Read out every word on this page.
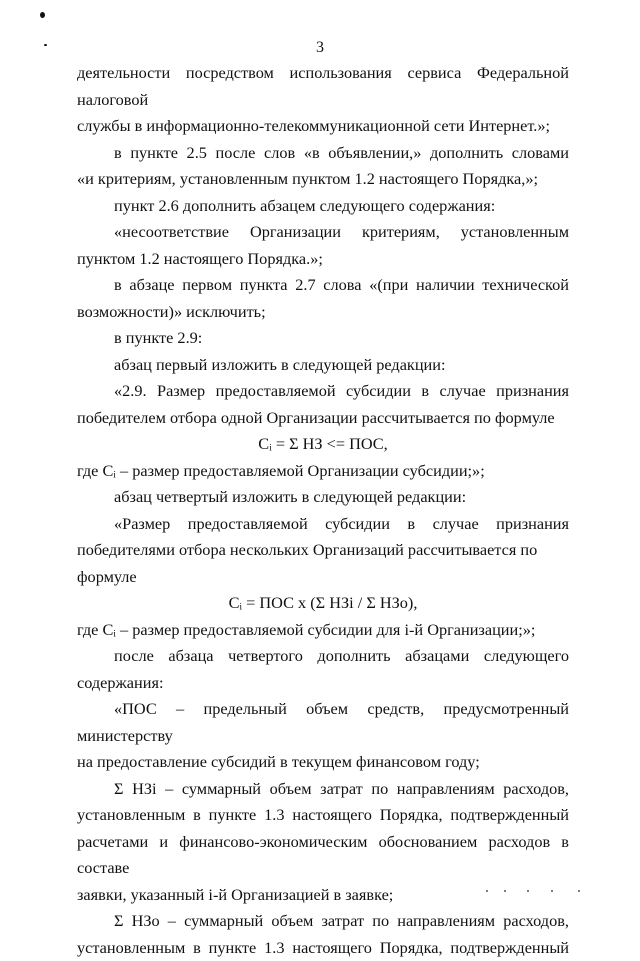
3

деятельности посредством использования сервиса Федеральной налоговой

службы в информационно-телекоммуникационной сети Интернет.»;

в пункте 2.5 после слов «в объявлении,» дополнить словами

«и критериям, установленным пунктом 1.2 настоящего Порядка,»;

пункт 2.6 дополнить абзацем следующего содержания:

«несоответствие Организации критериям, установленным

пунктом 1.2 настоящего Порядка.»;

в абзаце первом пункта 2.7 слова «(при наличии технической

возможности)» исключить;

в пункте 2.9:

абзац первый изложить в следующей редакции:

«2.9. Размер предоставляемой субсидии в случае признания

победителем отбора одной Организации рассчитывается по формуле

Cᵢ = Σ НЗ <= ПОС,

где Cᵢ – размер предоставляемой Организации субсидии;»;

абзац четвертый изложить в следующей редакции:

«Размер предоставляемой субсидии в случае признания

победителями отбора нескольких Организаций рассчитывается по формуле

Cᵢ = ПОС х (Σ НЗi / Σ НЗо),

где Cᵢ – размер предоставляемой субсидии для i-й Организации;»;

после абзаца четвертого дополнить абзацами следующего

содержания:

«ПОС – предельный объем средств, предусмотренный министерству

на предоставление субсидий в текущем финансовом году;

Σ НЗi – суммарный объем затрат по направлениям расходов,

установленным в пункте 1.3 настоящего Порядка, подтвержденный

расчетами и финансово-экономическим обоснованием расходов в составе

заявки, указанный i-й Организацией в заявке;

Σ НЗо – суммарный объем затрат по направлениям расходов,

установленным в пункте 1.3 настоящего Порядка, подтвержденный
